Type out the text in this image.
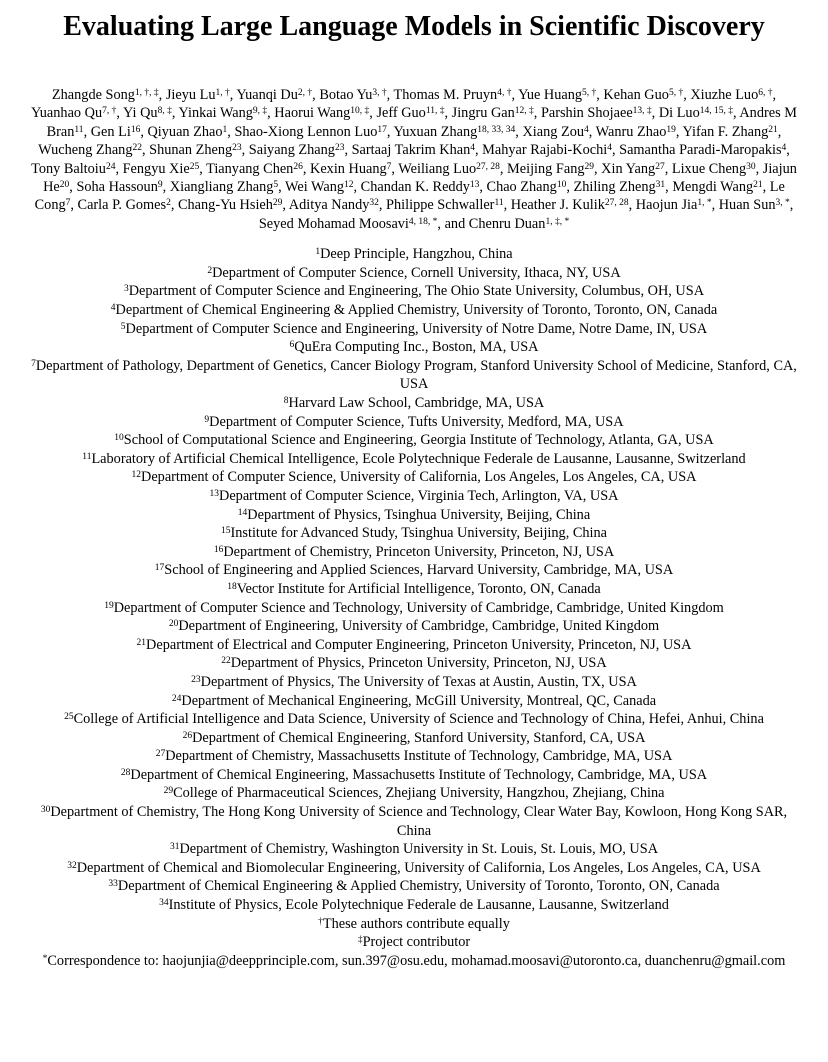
Evaluating Large Language Models in Scientific Discovery

Zhangde Song$^{1, \dagger, \ddagger}$, Jieyu $Lu^{1, \dagger}$, Yuanqi $Du^{2, \dagger}$, Botao $Yu^{3, \dagger}$, Thomas M. Pruyn$^{4, \dagger}$, Yue Huang$^{5, \dagger}$, Kehan Guo$^{5, \dagger}$, Xiuzhe Luo$^{6, \dagger}$, Yuanhao $Qu^{7, \dagger}$, Yi $Qu^{8, \ddagger}$, Yinkai Wang$^{9, \ddagger}$, Haorui Wang$^{10, \ddagger}$, Jeff Guo$^{11, \ddagger}$, Jingru Gan$^{12, \ddagger}$, Parshin Shojaee$^{13, \ddagger}$, Di Luo$^{14, 15, \ddagger}$, Andres M Bran$^{11}$, Gen Li$^{16}$, Qiyuan Zhao$^1$, Shao-Xiong Lennon Luo$^{17}$, Yuxuan Zhang$^{18, 33, 34}$, Xiang Zou$^4$, Wanru Zhao$^{19}$, Yifan F. Zhang$^{21}$, Wucheng Zhang$^{22}$, Shunan Zheng$^{23}$, Saiyang Zhang$^{23}$, Sartaaj Takrim Khan$^4$, Mahyar Rajabi-Kochi$^4$, Samantha Paradi-Maropakis$^4$, Tony Baltoiu$^{24}$, Fengyu Xie$^{25}$, Tianyang Chen$^{26}$, Kexin Huang$^7$, Weiliang Luo$^{27, 28}$, Meijing Fang$^{29}$, Xin Yang$^{27}$, Lixue Cheng$^{30}$, Jiajun He$^{20}$, Soha Hassoun$^9$, Xiangliang Zhang$^5$, Wei Wang$^{12}$, Chandan K. Reddy$^{13}$, Chao Zhang$^{10}$, Zhiling Zheng$^{31}$, Mengdi Wang$^{21}$, Le Cong$^7$, Carla P. Gomes$^2$, Chang-Yu Hsieh$^{29}$, Aditya Nandy$^{32}$, Philippe Schwaller$^{11}$, Heather J. Kulik$^{27, 28}$, Haojun Jia$^{1, *}$, Huan Sun$^{3, *}$, Seyed Mohamad Moosavi$^{4, 18, *}$, and Chenru Duan$^{1, \ddagger, *}$

$^1$Deep Principle, Hangzhou, China
$^2$Department of Computer Science, Cornell University, Ithaca, NY, USA
$^3$Department of Computer Science and Engineering, The Ohio State University, Columbus, OH, USA
$^4$Department of Chemical Engineering & Applied Chemistry, University of Toronto, Toronto, ON, Canada
$^5$Department of Computer Science and Engineering, University of Notre Dame, Notre Dame, IN, USA
$^6$QuEra Computing Inc., Boston, MA, USA
$^7$Department of Pathology, Department of Genetics, Cancer Biology Program, Stanford University School of Medicine, Stanford, CA, USA
$^8$Harvard Law School, Cambridge, MA, USA
$^9$Department of Computer Science, Tufts University, Medford, MA, USA
$^{10}$School of Computational Science and Engineering, Georgia Institute of Technology, Atlanta, GA, USA
$^{11}$Laboratory of Artificial Chemical Intelligence, Ecole Polytechnique Federale de Lausanne, Lausanne, Switzerland
$^{12}$Department of Computer Science, University of California, Los Angeles, Los Angeles, CA, USA
$^{13}$Department of Computer Science, Virginia Tech, Arlington, VA, USA
$^{14}$Department of Physics, Tsinghua University, Beijing, China
$^{15}$Institute for Advanced Study, Tsinghua University, Beijing, China
$^{16}$Department of Chemistry, Princeton University, Princeton, NJ, USA
$^{17}$School of Engineering and Applied Sciences, Harvard University, Cambridge, MA, USA
$^{18}$Vector Institute for Artificial Intelligence, Toronto, ON, Canada
$^{19}$Department of Computer Science and Technology, University of Cambridge, Cambridge, United Kingdom
$^{20}$Department of Engineering, University of Cambridge, Cambridge, United Kingdom
$^{21}$Department of Electrical and Computer Engineering, Princeton University, Princeton, NJ, USA
$^{22}$Department of Physics, Princeton University, Princeton, NJ, USA
$^{23}$Department of Physics, The University of Texas at Austin, Austin, TX, USA
$^{24}$Department of Mechanical Engineering, McGill University, Montreal, QC, Canada
$^{25}$College of Artificial Intelligence and Data Science, University of Science and Technology of China, Hefei, Anhui, China
$^{26}$Department of Chemical Engineering, Stanford University, Stanford, CA, USA
$^{27}$Department of Chemistry, Massachusetts Institute of Technology, Cambridge, MA, USA
$^{28}$Department of Chemical Engineering, Massachusetts Institute of Technology, Cambridge, MA, USA
$^{29}$College of Pharmaceutical Sciences, Zhejiang University, Hangzhou, Zhejiang, China
$^{30}$Department of Chemistry, The Hong Kong University of Science and Technology, Clear Water Bay, Kowloon, Hong Kong SAR, China
$^{31}$Department of Chemistry, Washington University in St. Louis, St. Louis, MO, USA
$^{32}$Department of Chemical and Biomolecular Engineering, University of California, Los Angeles, Los Angeles, CA, USA
$^{33}$Department of Chemical Engineering & Applied Chemistry, University of Toronto, Toronto, ON, Canada
$^{34}$Institute of Physics, Ecole Polytechnique Federale de Lausanne, Lausanne, Switzerland
†These authors contribute equally
‡Project contributor
*Correspondence to: haojunjia@deepprinciple.com, sun.397@osu.edu, mohamad.moosavi@utoronto.ca, duanchenru@gmail.com
